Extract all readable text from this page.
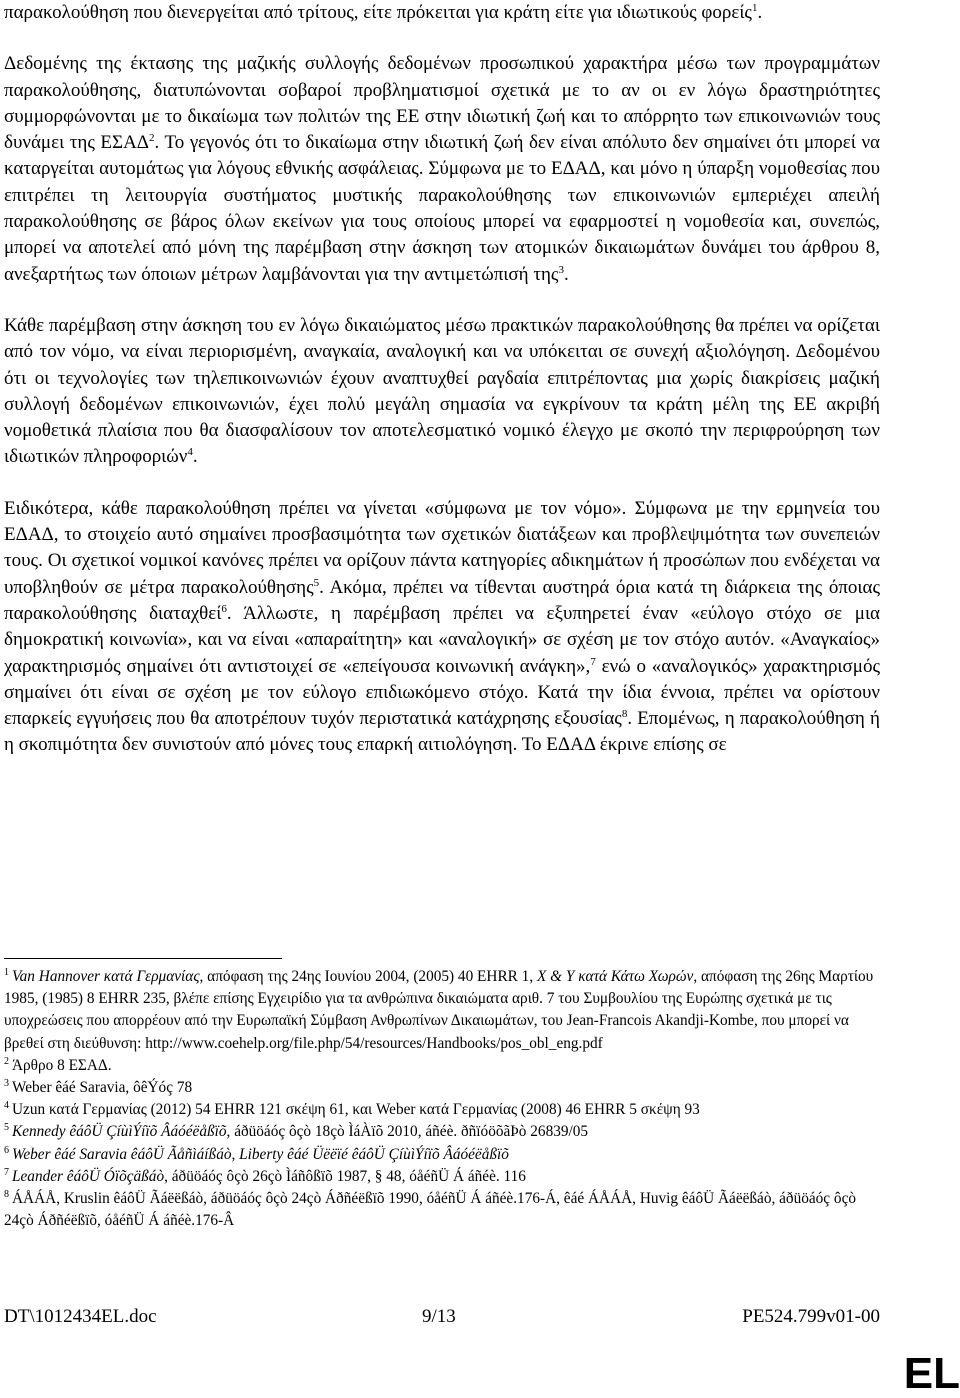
παρακολούθηση που διενεργείται από τρίτους, είτε πρόκειται για κράτη είτε για ιδιωτικούς φορείς$^1$.

Δεδομένης της έκτασης της μαζικής συλλογής δεδομένων προσωπικού χαρακτήρα μέσω των προγραμμάτων παρακολούθησης, διατυπώνονται σοβαροί προβληματισμοί σχετικά με το αν οι εν λόγω δραστηριότητες συμμορφώνονται με το δικαίωμα των πολιτών της ΕΕ στην ιδιωτική ζωή και το απόρρητο των επικοινωνιών τους δυνάμει της ΕΣΑΔ$^2$. Το γεγονός ότι το δικαίωμα στην ιδιωτική ζωή δεν είναι απόλυτο δεν σημαίνει ότι μπορεί να καταργείται αυτομάτως για λόγους εθνικής ασφάλειας. Σύμφωνα με το ΕΔΑΔ, και μόνο η ύπαρξη νομοθεσίας που επιτρέπει τη λειτουργία συστήματος μυστικής παρακολούθησης των επικοινωνιών εμπεριέχει απειλή παρακολούθησης σε βάρος όλων εκείνων για τους οποίους μπορεί να εφαρμοστεί η νομοθεσία και, συνεπώς, μπορεί να αποτελεί από μόνη της παρέμβαση στην άσκηση των ατομικών δικαιωμάτων δυνάμει του άρθρου 8, ανεξαρτήτως των όποιων μέτρων λαμβάνονται για την αντιμετώπισή της$^3$.

Κάθε παρέμβαση στην άσκηση του εν λόγω δικαιώματος μέσω πρακτικών παρακολούθησης θα πρέπει να ορίζεται από τον νόμο, να είναι περιορισμένη, αναγκαία, αναλογική και να υπόκειται σε συνεχή αξιολόγηση. Δεδομένου ότι οι τεχνολογίες των τηλεπικοινωνιών έχουν αναπτυχθεί ραγδαία επιτρέποντας μια χωρίς διακρίσεις μαζική συλλογή δεδομένων επικοινωνιών, έχει πολύ μεγάλη σημασία να εγκρίνουν τα κράτη μέλη της ΕΕ ακριβή νομοθετικά πλαίσια που θα διασφαλίσουν τον αποτελεσματικό νομικό έλεγχο με σκοπό την περιφρούρηση των ιδιωτικών πληροφοριών$^4$.

Ειδικότερα, κάθε παρακολούθηση πρέπει να γίνεται «σύμφωνα με τον νόμο». Σύμφωνα με την ερμηνεία του ΕΔΑΔ, το στοιχείο αυτό σημαίνει προσβασιμότητα των σχετικών διατάξεων και προβλεψιμότητα των συνεπειών τους. Οι σχετικοί νομικοί κανόνες πρέπει να ορίζουν πάντα κατηγορίες αδικημάτων ή προσώπων που ενδέχεται να υποβληθούν σε μέτρα παρακολούθησης$^5$. Ακόμα, πρέπει να τίθενται αυστηρά όρια κατά τη διάρκεια της όποιας παρακολούθησης διαταχθεί$^6$. Άλλωστε, η παρέμβαση πρέπει να εξυπηρετεί έναν «εύλογο στόχο σε μια δημοκρατική κοινωνία», και να είναι «απαραίτητη» και «αναλογική» σε σχέση με τον στόχο αυτόν. «Αναγκαίος» χαρακτηρισμός σημαίνει ότι αντιστοιχεί σε «επείγουσα κοινωνική ανάγκη»,$^7$ ενώ ο «αναλογικός» χαρακτηρισμός σημαίνει ότι είναι σε σχέση με τον εύλογο επιδιωκόμενο στόχο. Κατά την ίδια έννοια, πρέπει να ορίστουν επαρκείς εγγυήσεις που θα αποτρέπουν τυχόν περιστατικά κατάχρησης εξουσίας$^8$. Επομένως, η παρακολούθηση ή η σκοπιμότητα δεν συνιστούν από μόνες τους επαρκή αιτιολόγηση. Το ΕΔΑΔ έκρινε επίσης σε

$^1$ Van Hannover κατά Γερμανίας, απόφαση της 24ης Ιουνίου 2004, (2005) 40 EHRR 1, X & Y κατά Κάτω Χωρών, απόφαση της 26ης Μαρτίου 1985, (1985) 8 EHRR 235, βλέπε επίσης Εγχειρίδιο για τα ανθρώπινα δικαιώματα αριθ. 7 του Συμβουλίου της Ευρώπης σχετικά με τις υποχρεώσεις που απορρέουν από την Ευρωπαϊκή Σύμβαση Ανθρωπίνων Δικαιωμάτων, του Jean-Francois Akandji-Kombe, που μπορεί να βρεθεί στη διεύθυνση: http://www.coehelp.org/file.php/54/resources/Handbooks/pos_obl_eng.pdf

$^2$ Άρθρο 8 ΕΣΑΔ.

$^3$ Weber êáé Saravia, ôêÝóç 78

$^4$ Uzun κατά Γερμανίας (2012) 54 EHRR 121 σκέψη 61, και Weber κατά Γερμανίας (2008) 46 EHRR 5 σκέψη 93

$^5$ Kennedy êáôÜ ÇíùìÝíïõ Âáóéëåßïõ, áðüöáóç ôçò 18çò ÌáÀïõ 2010, áñéè. ðñïóöõãÞò 26839/05

$^6$ Weber êáé Saravia êáôÜ Ãåñìáíßáò, Liberty êáé Üëëïé êáôÜ ÇíùìÝíïõ Âáóéëåßïõ

$^7$ Leander êáôÜ Óïõçäßáò, áðüöáóç ôçò 26çò Ìáñôßïõ 1987, § 48, óåéñÜ Á áñéè. 116

$^8$ ÁÅÁÅ, Kruslin êáôÜ Ãáëëßáò, áðüöáóç ôçò 24çò Áðñéëßïõ 1990, óåéñÜ Á áñéè.176-Á, êáé ÁÅÁÅ, Huvig êáôÜ Ãáëëßáò, áðüöáóç ôçò 24çò Áðñéëßïõ, óåéñÜ Á áñéè.176-Â

DT\1012434EL.doc	9/13	PE524.799v01-00
EL
